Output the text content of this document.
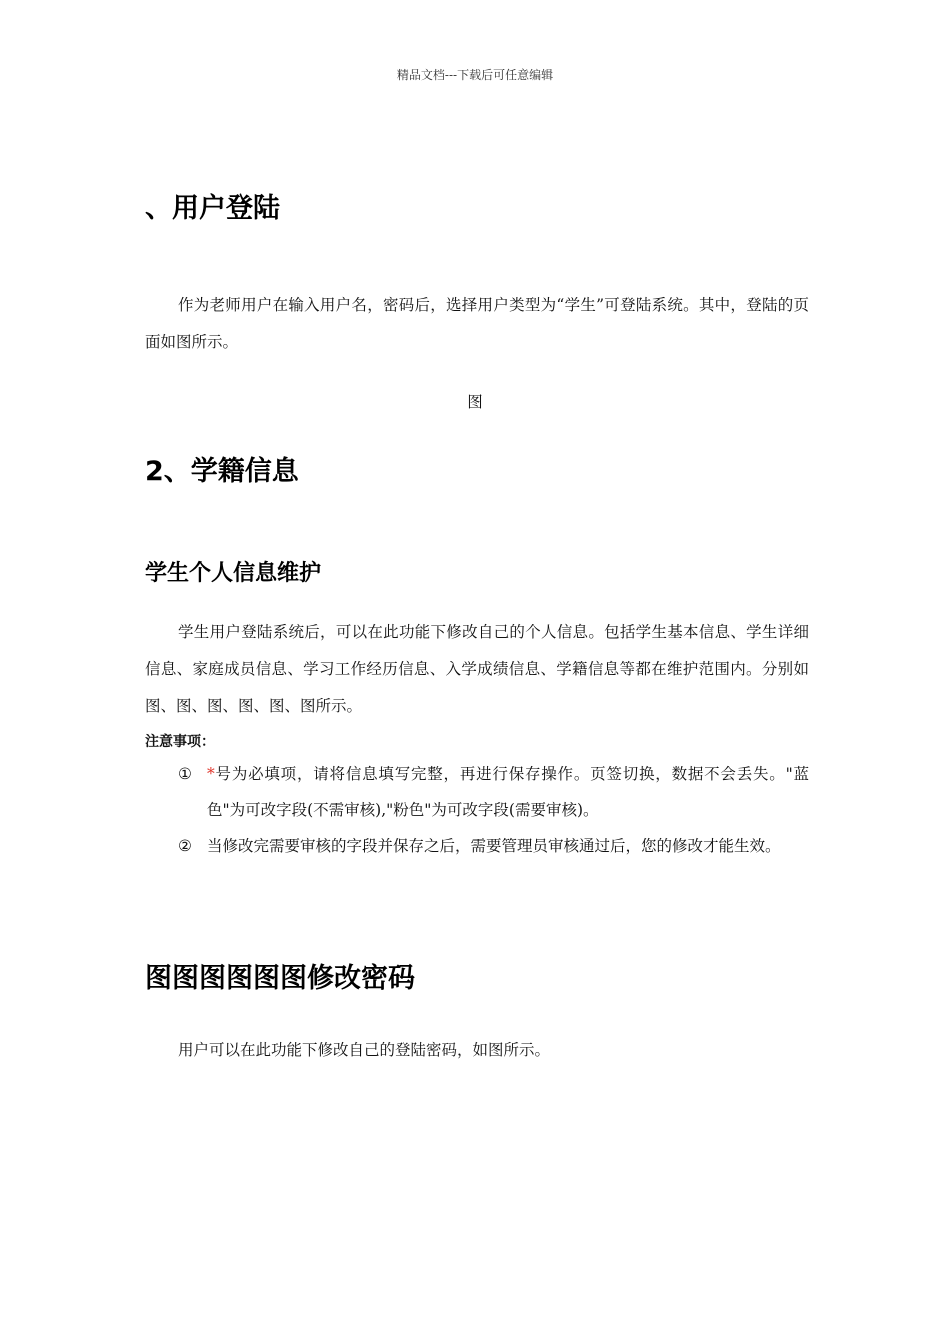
精品文档---下载后可任意编辑
、用户登陆

作为老师用户在输入用户名，密码后，选择用户类型为“学生”可登陆系统。其中，登陆的页面如图所示。

图

2、学籍信息
学生个人信息维护

学生用户登陆系统后，可以在此功能下修改自己的个人信息。包括学生基本信息、学生详细信息、家庭成员信息、学习工作经历信息、入学成绩信息、学籍信息等都在维护范围内。分别如图、图、图、图、图、图所示。

注意事项：

① *号为必填项，请将信息填写完整，再进行保存操作。页签切换，数据不会丢失。"蓝色"为可改字段(不需审核),"粉色"为可改字段(需要审核)。
② 当修改完需要审核的字段并保存之后，需要管理员审核通过后，您的修改才能生效。
图图图图图图修改密码

用户可以在此功能下修改自己的登陆密码，如图所示。
